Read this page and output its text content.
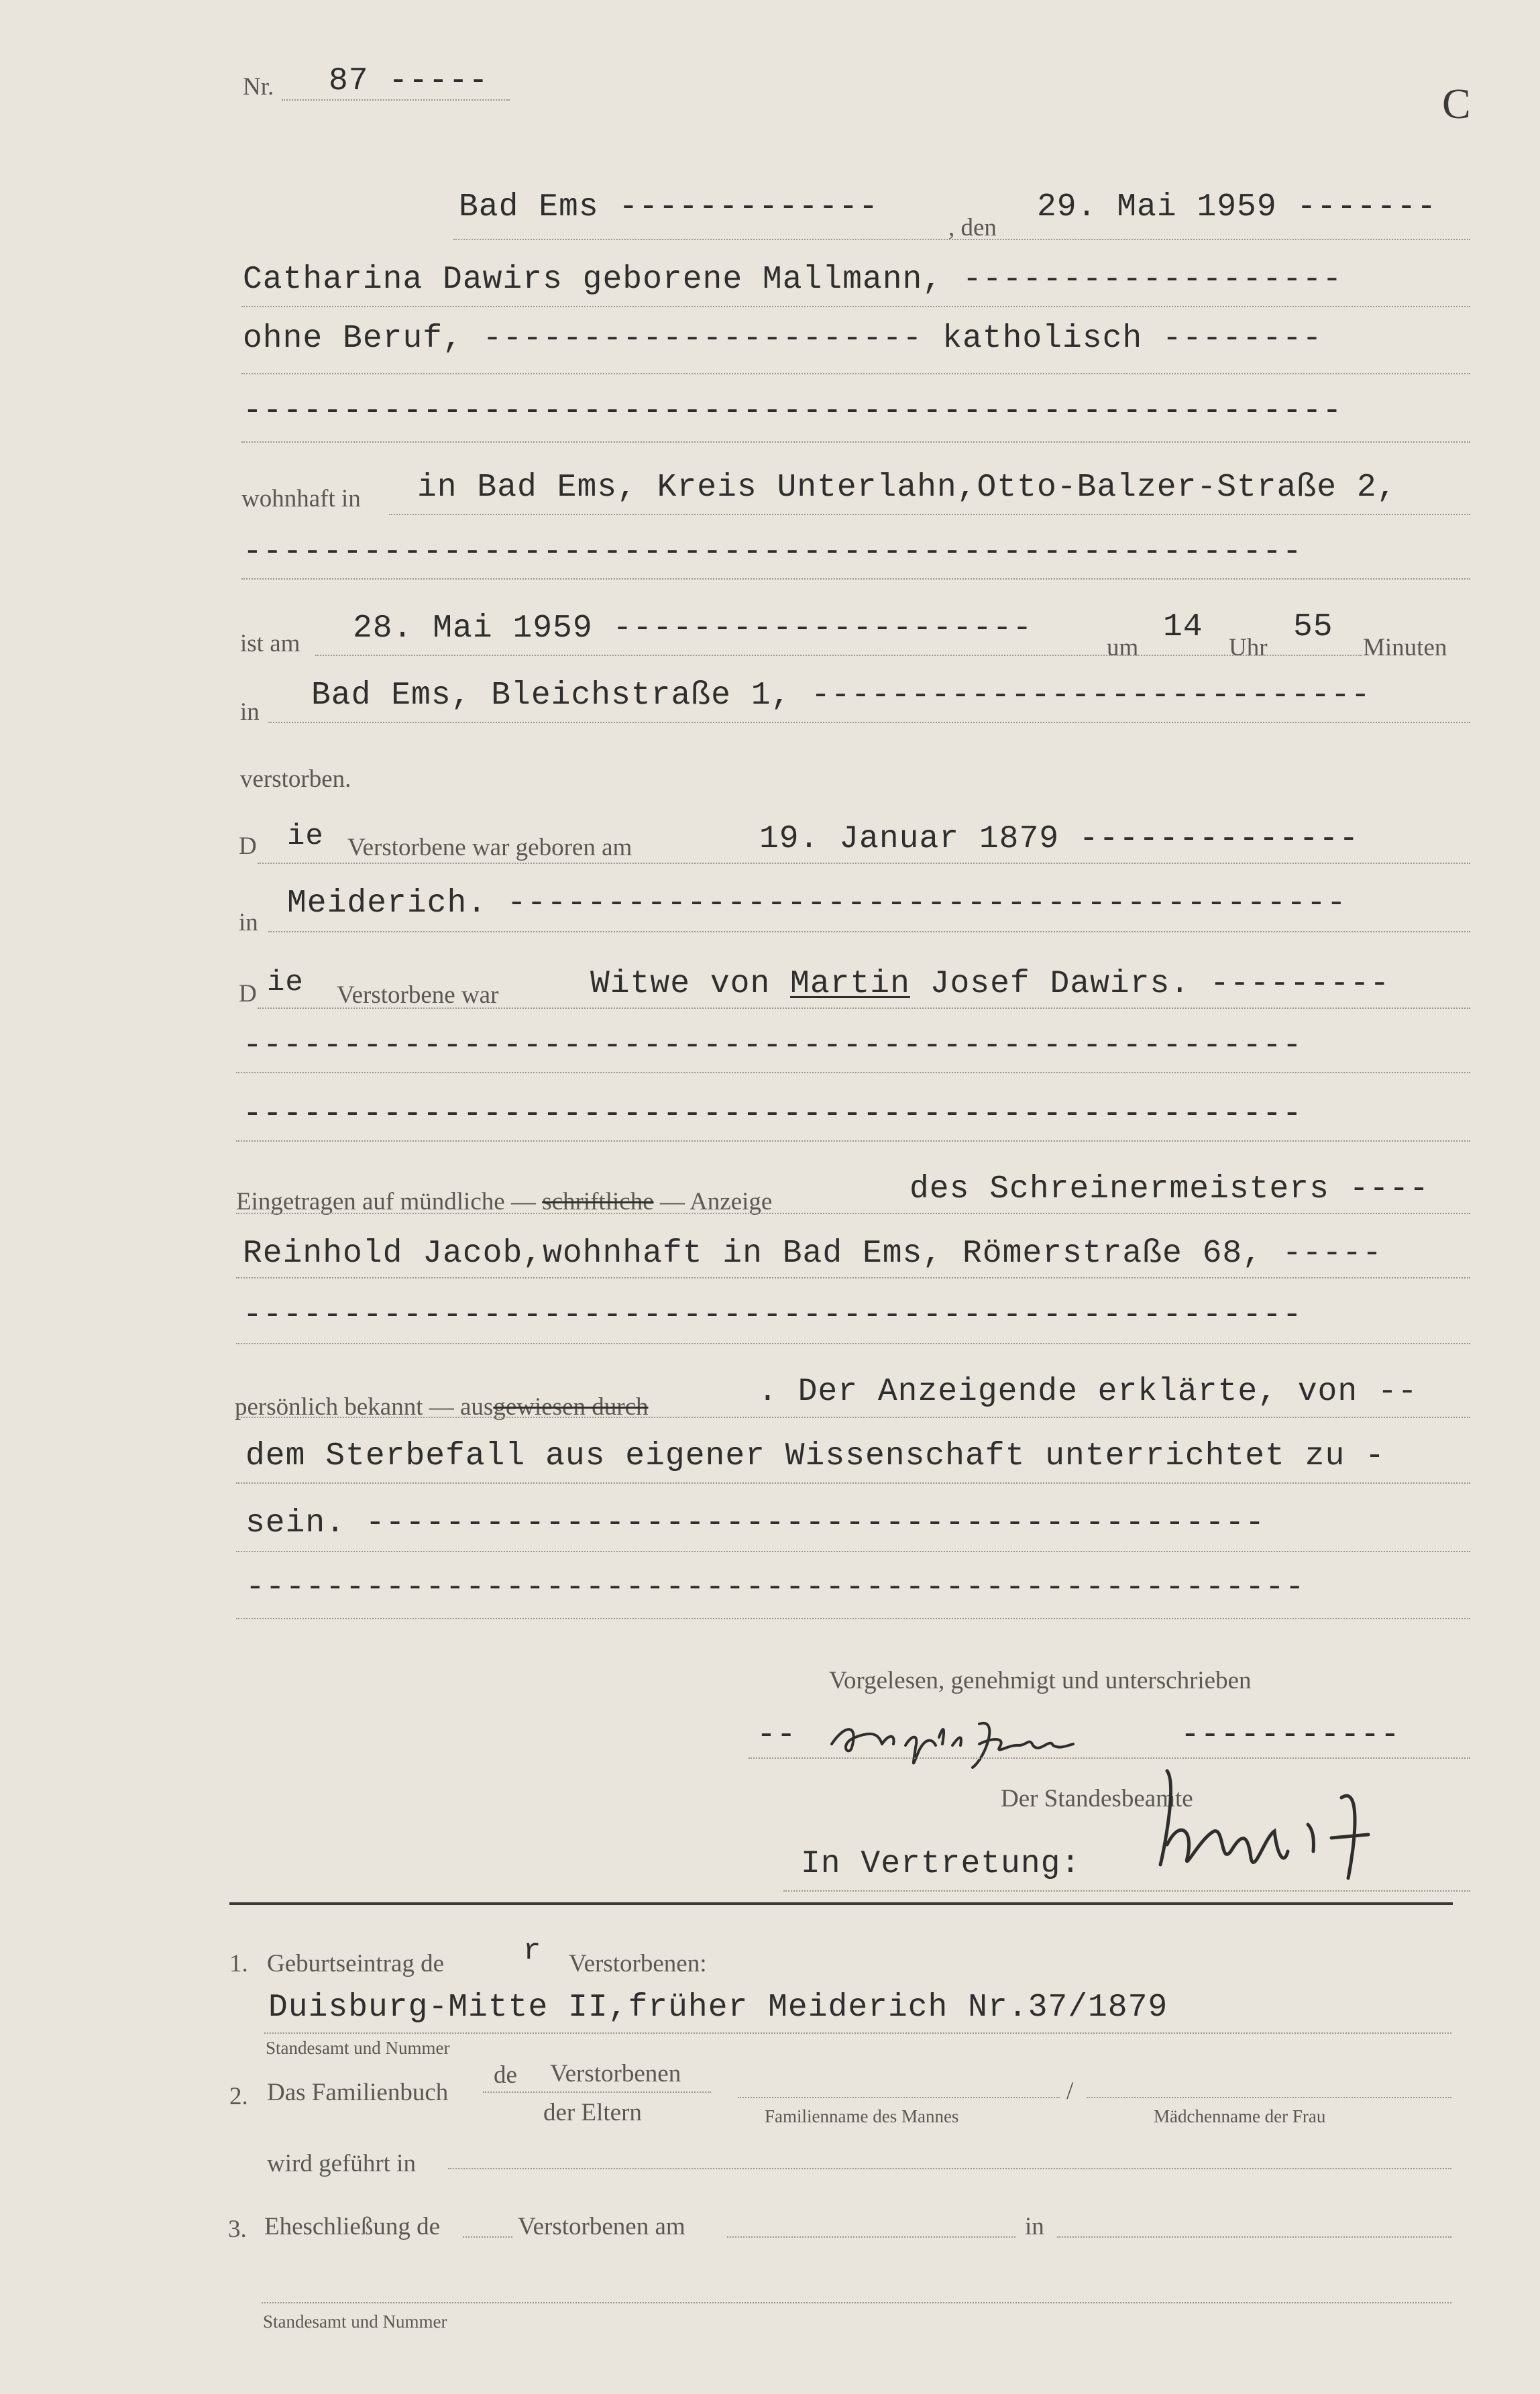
Nr. 87 -----	C
Bad Ems -------------
, den
29. Mai 1959 -------
Catharina Dawirs geborene Mallmann, -------------------
ohne Beruf, ---------------------- katholisch --------
-------------------------------------------------------
wohnhaft in in Bad Ems, Kreis Unterlahn,Otto-Balzer-Straße 2,
-----------------------------------------------------
ist am 28. Mai 1959 ---------------------
um
14
Uhr
55
Minuten
in Bad Ems, Bleichstraße 1, ----------------------------
verstorben.
D ie Verstorbene war geboren am	19. Januar 1879 --------------
in
Meiderich. ------------------------------------------
D ie Verstorbene war	Witwe von Martin Josef Dawirs. ---------
-----------------------------------------------------
-----------------------------------------------------
Eingetragen auf mündliche — schriftliche — Anzeige	des Schreinermeisters ----
Reinhold Jacob,wohnhaft in Bad Ems, Römerstraße 68, -----
-----------------------------------------------------
persönlich bekannt — ausgewiesen durch	. Der Anzeigende erklärte, von --
dem Sterbefall aus eigener Wissenschaft unterrichtet zu -
sein. ---------------------------------------------
-----------------------------------------------------
Vorgelesen, genehmigt und unterschrieben
--	-----------
Der Standesbeamte
In Vertretung:
1. Geburtseintrag de	r Verstorbenen:
Duisburg-Mitte II,früher Meiderich Nr.37/1879
Standesamt und Nummer
2. Das Familienbuch
de Verstorbenen
der Eltern
/
Familienname des Mannes	Mädchenname der Frau
wird geführt in
3. Eheschließung de	Verstorbenen am	in
Standesamt und Nummer
